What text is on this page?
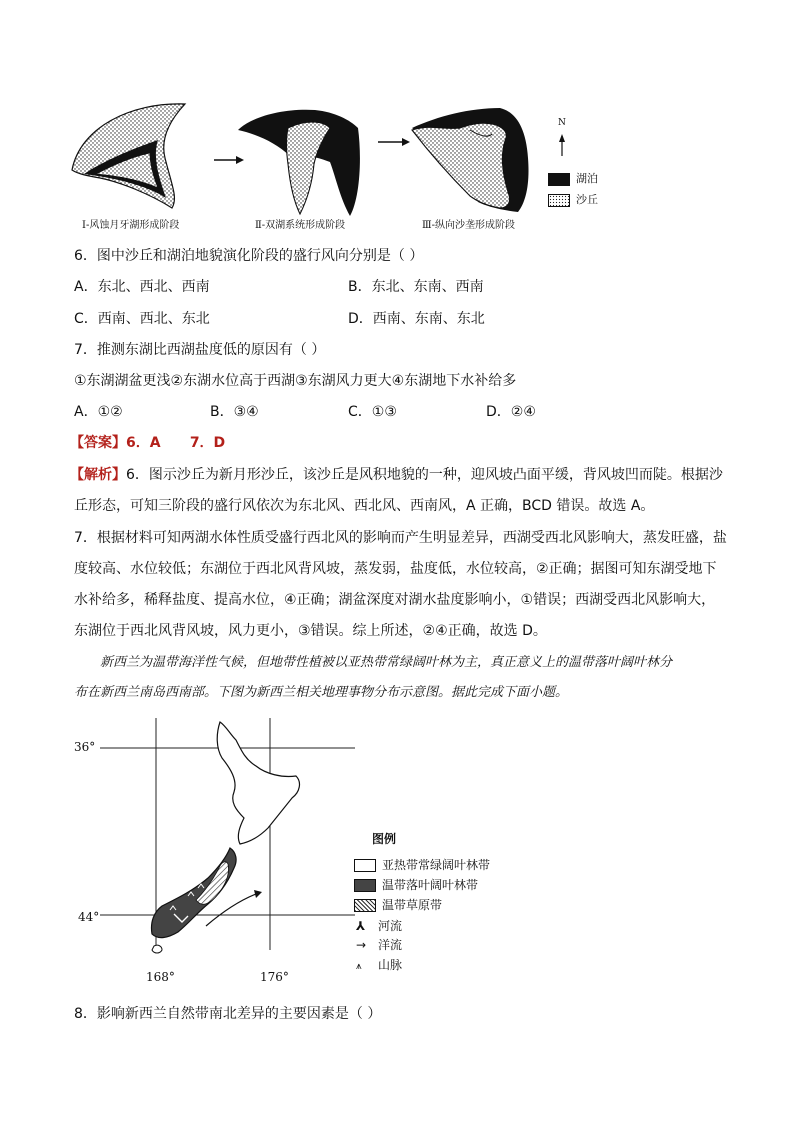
N
湖泊
沙丘
Ⅰ-风蚀月牙湖形成阶段	Ⅱ-双湖系统形成阶段	Ⅲ-纵向沙垄形成阶段
6．图中沙丘和湖泊地貌演化阶段的盛行风向分别是（ ）
A．东北、西北、西南	B．东北、东南、西南
C．西南、西北、东北	D．西南、东南、东北
7．推测东湖比西湖盐度低的原因有（ ）
①东湖湖盆更浅②东湖水位高于西湖③东湖风力更大④东湖地下水补给多
A．①②	B．③④	C．①③	D．②④
【答案】6．A      7．D
【解析】6．图示沙丘为新月形沙丘，该沙丘是风积地貌的一种，迎风坡凸面平缓，背风坡凹而陡。根据沙
丘形态，可知三阶段的盛行风依次为东北风、西北风、西南风，A 正确，BCD 错误。故选 A。
7．根据材料可知两湖水体性质受盛行西北风的影响而产生明显差异，西湖受西北风影响大，蒸发旺盛，盐
度较高、水位较低；东湖位于西北风背风坡，蒸发弱，盐度低，水位较高，②正确；据图可知东湖受地下
水补给多，稀释盐度、提高水位，④正确；湖盆深度对湖水盐度影响小，①错误；西湖受西北风影响大，
东湖位于西北风背风坡，风力更小，③错误。综上所述，②④正确，故选 D。
新西兰为温带海洋性气候，但地带性植被以亚热带常绿阔叶林为主，真正意义上的温带落叶阔叶林分
布在新西兰南岛西南部。下图为新西兰相关地理事物分布示意图。据此完成下面小题。
36°
44°
168°	176°
图例
亚热带常绿阔叶林带
温带落叶阔叶林带
温带草原带
⅄ 河流
→ 洋流
⩚ 山脉
8．影响新西兰自然带南北差异的主要因素是（ ）
